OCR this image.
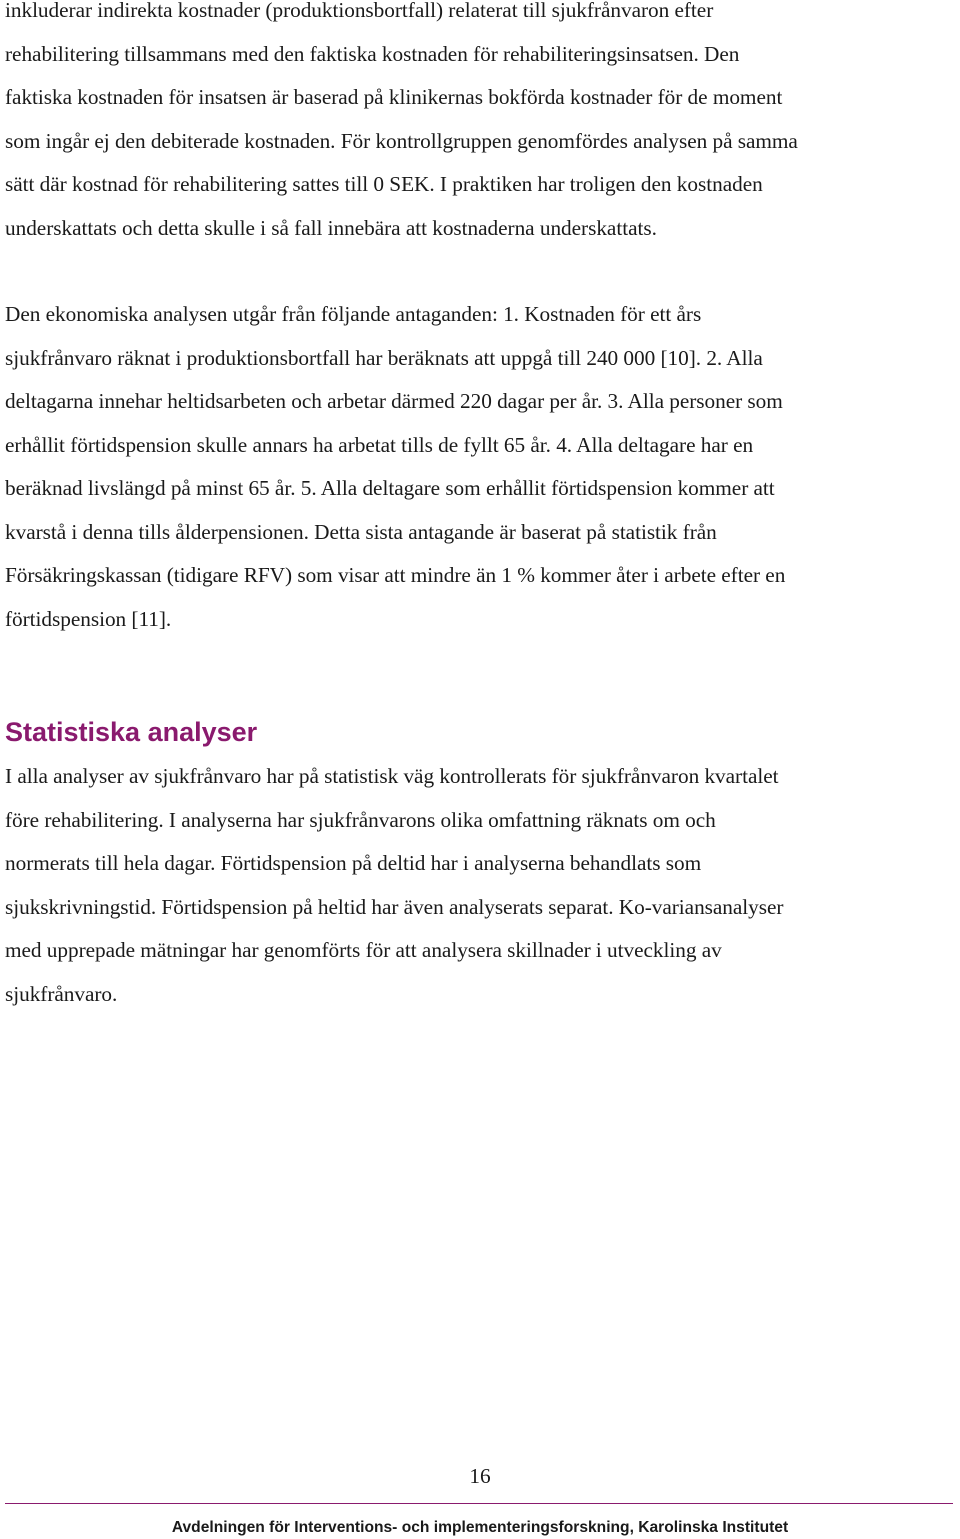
inkluderar indirekta kostnader (produktionsbortfall) relaterat till sjukfrånvaron efter
rehabilitering tillsammans med den faktiska kostnaden för rehabiliteringsinsatsen. Den
faktiska kostnaden för insatsen är baserad på klinikernas bokförda kostnader för de moment
som ingår ej den debiterade kostnaden. För kontrollgruppen genomfördes analysen på samma
sätt där kostnad för rehabilitering sattes till 0 SEK. I praktiken har troligen den kostnaden
underskattats och detta skulle i så fall innebära att kostnaderna underskattats.

Den ekonomiska analysen utgår från följande antaganden: 1. Kostnaden för ett års
sjukfrånvaro räknat i produktionsbortfall har beräknats att uppgå till 240 000 [10]. 2. Alla
deltagarna innehar heltidsarbeten och arbetar därmed 220 dagar per år. 3. Alla personer som
erhållit förtidspension skulle annars ha arbetat tills de fyllt 65 år. 4. Alla deltagare har en
beräknad livslängd på minst 65 år. 5. Alla deltagare som erhållit förtidspension kommer att
kvarstå i denna tills ålderpensionen. Detta sista antagande är baserat på statistik från
Försäkringskassan (tidigare RFV) som visar att mindre än 1 % kommer åter i arbete efter en
förtidspension [11].

Statistiska analyser

I alla analyser av sjukfrånvaro har på statistisk väg kontrollerats för sjukfrånvaron kvartalet
före rehabilitering. I analyserna har sjukfrånvarons olika omfattning räknats om och
normerats till hela dagar. Förtidspension på deltid har i analyserna behandlats som
sjukskrivningstid. Förtidspension på heltid har även analyserats separat. Ko-variansanalyser
med upprepade mätningar har genomförts för att analysera skillnader i utveckling av
sjukfrånvaro.

16
Avdelningen för Interventions- och implementeringsforskning, Karolinska Institutet
